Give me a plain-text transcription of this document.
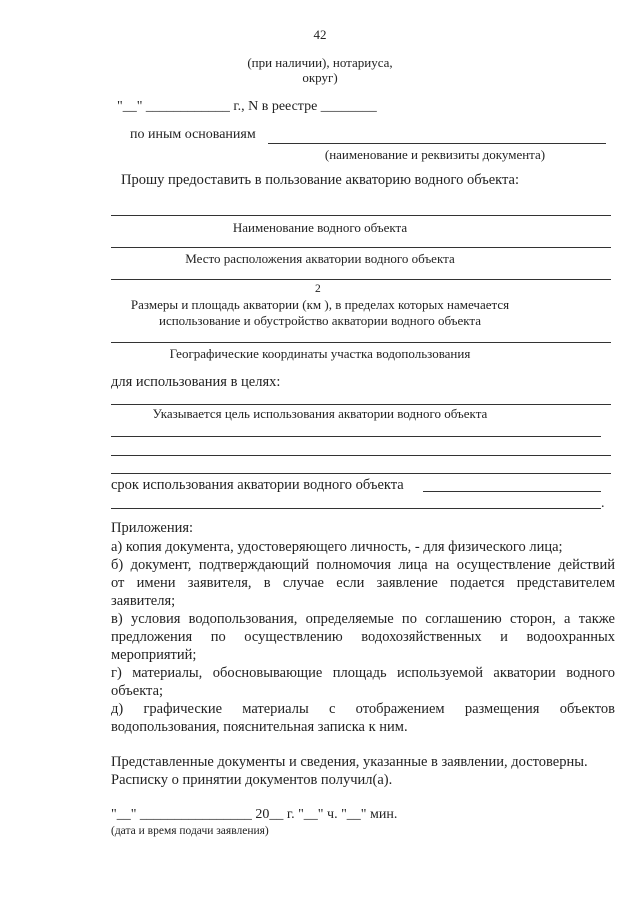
42
(при наличии), нотариуса,
округ)
"__" ____________ г., N в реестре ________
по иным основаниям
(наименование и реквизиты документа)
Прошу предоставить в пользование акваторию водного объекта:
Наименование водного объекта
Место расположения акватории водного объекта
2
Размеры и площадь акватории (км ), в пределах которых намечается
использование и обустройство акватории водного объекта
Географические координаты участка водопользования
для использования в целях:
Указывается цель использования акватории водного объекта
срок использования акватории водного объекта
.
Приложения:
а) копия документа, удостоверяющего личность, - для физического лица;
б) документ, подтверждающий полномочия лица на осуществление действий
от имени заявителя, в случае если заявление подается представителем
заявителя;
в) условия водопользования, определяемые по соглашению сторон, а также
предложения по осуществлению водохозяйственных и водоохранных
мероприятий;
г) материалы, обосновывающие площадь используемой акватории водного
объекта;
д) графические материалы с отображением размещения объектов
водопользования, пояснительная записка к ним.
Представленные документы и сведения, указанные в заявлении, достоверны.
Расписку о принятии документов получил(а).
"__" ________________ 20__ г. "__" ч. "__" мин.
(дата и время подачи заявления)
